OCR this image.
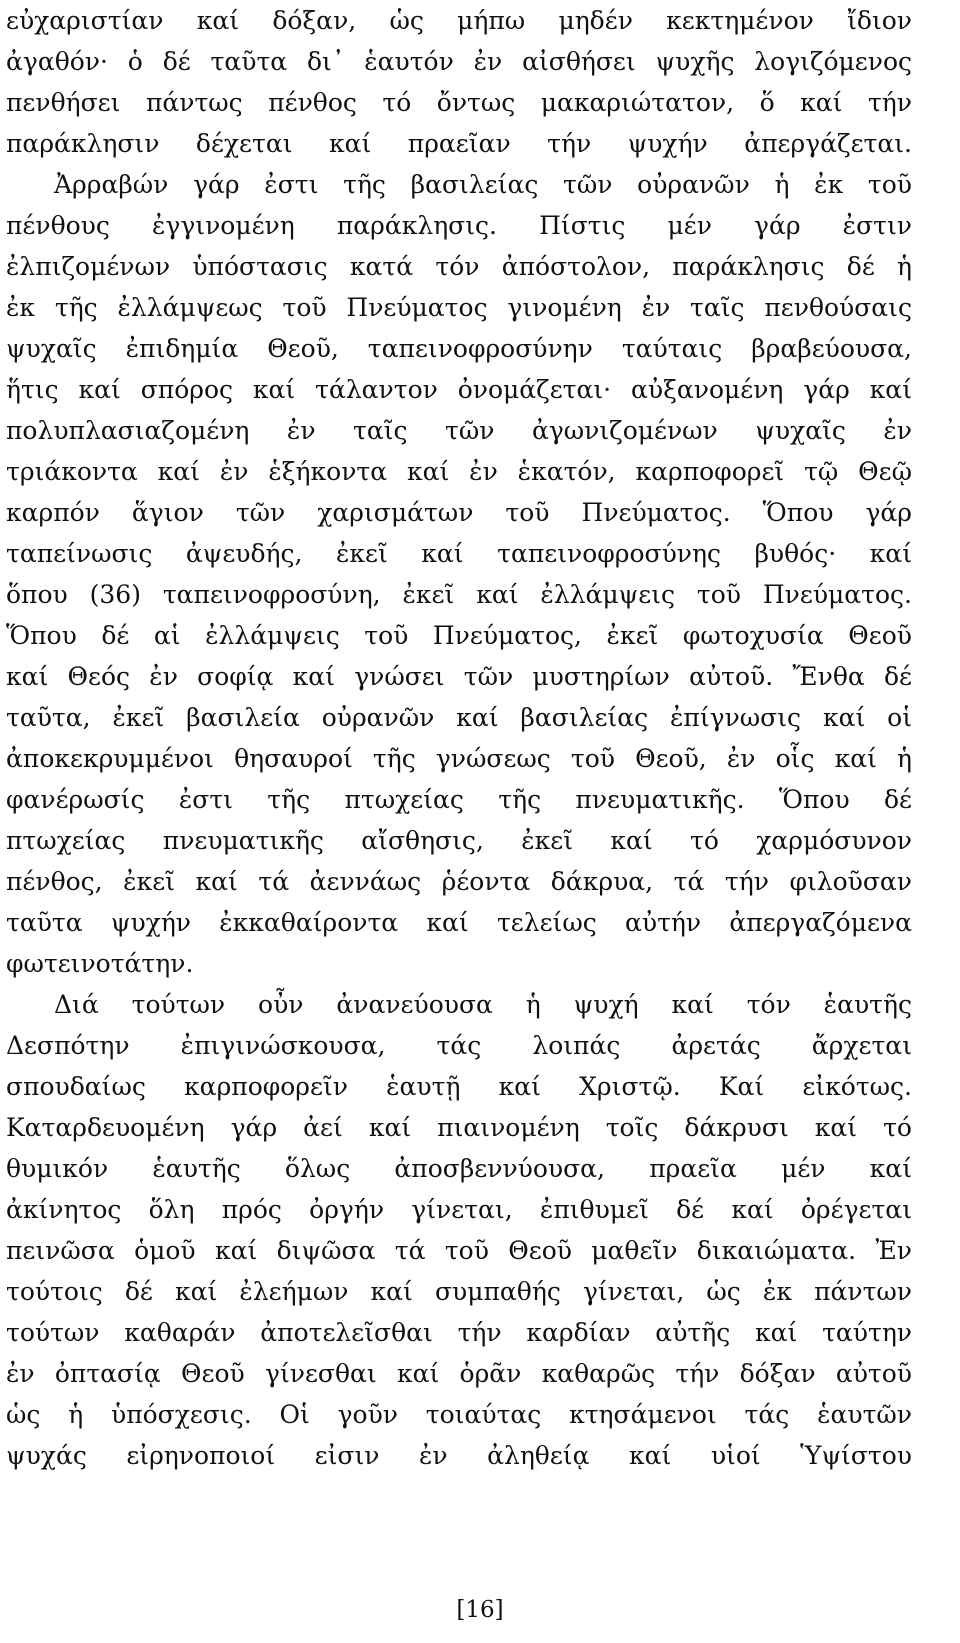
εὐχαριστίαν καί δόξαν, ὡς μήπω μηδέν κεκτημένον ἴδιον
ἀγαθόν· ὁ δέ ταῦτα δι᾽ ἑαυτόν ἐν αἰσθήσει ψυχῆς λογιζόμενος
πενθήσει πάντως πένθος τό ὄντως μακαριώτατον, ὅ καί τήν
παράκλησιν δέχεται καί πραεῖαν τήν ψυχήν ἀπεργάζεται.
Ἀρραβών γάρ ἐστι τῆς βασιλείας τῶν οὐρανῶν ἡ ἐκ τοῦ
πένθους ἐγγινομένη παράκλησις. Πίστις μέν γάρ ἐστιν
ἐλπιζομένων ὑπόστασις κατά τόν ἀπόστολον, παράκλησις δέ ἡ
ἐκ τῆς ἐλλάμψεως τοῦ Πνεύματος γινομένη ἐν ταῖς πενθούσαις
ψυχαῖς ἐπιδημία Θεοῦ, ταπεινοφροσύνην ταύταις βραβεύουσα,
ἥτις καί σπόρος καί τάλαντον ὀνομάζεται· αὐξανομένη γάρ καί
πολυπλασιαζομένη ἐν ταῖς τῶν ἀγωνιζομένων ψυχαῖς ἐν
τριάκοντα καί ἐν ἑξήκοντα καί ἐν ἑκατόν, καρποφορεῖ τῷ Θεῷ
καρπόν ἅγιον τῶν χαρισμάτων τοῦ Πνεύματος. Ὅπου γάρ
ταπείνωσις ἀψευδής, ἐκεῖ καί ταπεινοφροσύνης βυθός· καί
ὅπου (36) ταπεινοφροσύνη, ἐκεῖ καί ἐλλάμψεις τοῦ Πνεύματος.
Ὅπου δέ αἱ ἐλλάμψεις τοῦ Πνεύματος, ἐκεῖ φωτοχυσία Θεοῦ
καί Θεός ἐν σοφίᾳ καί γνώσει τῶν μυστηρίων αὐτοῦ. Ἔνθα δέ
ταῦτα, ἐκεῖ βασιλεία οὐρανῶν καί βασιλείας ἐπίγνωσις καί οἱ
ἀποκεκρυμμένοι θησαυροί τῆς γνώσεως τοῦ Θεοῦ, ἐν οἷς καί ἡ
φανέρωσίς ἐστι τῆς πτωχείας τῆς πνευματικῆς. Ὅπου δέ
πτωχείας πνευματικῆς αἴσθησις, ἐκεῖ καί τό χαρμόσυνον
πένθος, ἐκεῖ καί τά ἀεννάως ῥέοντα δάκρυα, τά τήν φιλοῦσαν
ταῦτα ψυχήν ἐκκαθαίροντα καί τελείως αὐτήν ἀπεργαζόμενα
φωτεινοτάτην.
Διά τούτων οὖν ἀνανεύουσα ἡ ψυχή καί τόν ἑαυτῆς
Δεσπότην ἐπιγινώσκουσα, τάς λοιπάς ἀρετάς ἄρχεται
σπουδαίως καρποφορεῖν ἑαυτῇ καί Χριστῷ. Καί εἰκότως.
Καταρδευομένη γάρ ἀεί καί πιαινομένη τοῖς δάκρυσι καί τό
θυμικόν ἑαυτῆς ὅλως ἀποσβεννύουσα, πραεῖα μέν καί
ἀκίνητος ὅλη πρός ὀργήν γίνεται, ἐπιθυμεῖ δέ καί ὀρέγεται
πεινῶσα ὁμοῦ καί διψῶσα τά τοῦ Θεοῦ μαθεῖν δικαιώματα. Ἐν
τούτοις δέ καί ἐλεήμων καί συμπαθής γίνεται, ὡς ἐκ πάντων
τούτων καθαράν ἀποτελεῖσθαι τήν καρδίαν αὐτῆς καί ταύτην
ἐν ὀπτασίᾳ Θεοῦ γίνεσθαι καί ὁρᾶν καθαρῶς τήν δόξαν αὐτοῦ
ὡς ἡ ὑπόσχεσις. Οἱ γοῦν τοιαύτας κτησάμενοι τάς ἑαυτῶν
ψυχάς εἰρηνοποιοί εἰσιν ἐν ἀληθείᾳ καί υἱοί Ὑψίστου
[16]
